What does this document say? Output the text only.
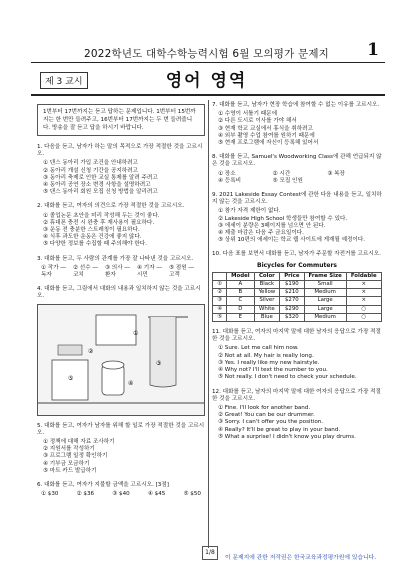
2022학년도 대학수학능력시험 6월 모의평가 문제지	1
제 3 교시	영어 영역
1번부터 17번까지는 듣고 답하는 문제입니다. 1번부터 15번까지는 한 번만 들려주고, 16번부터 17번까지는 두 번 들려줍니다. 방송을 잘 듣고 답을 하시기 바랍니다.
1. 다음을 듣고, 남자가 하는 말의 목적으로 가장 적절한 것을 고르시오.
① 댄스 동아리 가입 조건을 안내하려고
② 동아리 개설 신청 기간을 공지하려고
③ 동아리 축제로 인한 교실 통제를 알려 주려고
④ 동아리 공연 장소 변경 사항을 설명하려고
⑤ 댄스 동아리 회원 모집 신청 방법을 알리려고
2. 대화를 듣고, 여자의 의견으로 가장 적절한 것을 고르시오.
① 졸업논문 초안을 미리 작성해 두는 것이 좋다.
② 휴대폰 충전 시 완충 후 재사용이 필요하다.
③ 운동 전 충분한 스트레칭이 필요하다.
④ 식후 과도한 운동은 건강에 좋지 않다.
⑤ 다양한 정보를 수집할 때 주의해야 한다.
3. 대화를 듣고, 두 사람의 관계를 가장 잘 나타낸 것을 고르시오.
① 작가 ― 독자
② 선수 ― 코치
③ 의사 ― 환자
④ 기자 ― 시민
⑤ 점원 ― 고객
4. 대화를 듣고, 그림에서 대화의 내용과 일치하지 않는 것을 고르시오.
①
②
③
④
⑤
5. 대화를 듣고, 여자가 남자를 위해 할 일로 가장 적절한 것을 고르시오.
① 정책에 대해 자료 조사하기
② 지원서를 작성하기
③ 프로그램 일정 확인하기
④ 기부금 모금하기
⑤ 마트 카드 발급하기
6. 대화를 듣고, 여자가 지불할 금액을 고르시오. [3점]
① $30	② $36	③ $40	④ $45	⑤ $50
7. 대화를 듣고, 남자가 현장 학습에 참여할 수 없는 이유를 고르시오.
① 수영이 서툴기 때문에
② 다른 도시로 이사를 가야 해서
③ 현재 학교 교실에서 휴식을 취하려고
④ 외부 촬영 수업 참여를 원하기 때문에
⑤ 현재 프로그램에 자신이 등록해 있어서
8. 대화를 듣고, Samuel's Woodworking Class에 관해 언급되지 않은 것을 고르시오.
① 장소	② 시간	③ 복장
④ 등록비	⑤ 모집 인원
9. 2021 Lakeside Essay Contest에 관한 다음 내용을 듣고, 일치하지 않는 것을 고르시오.
① 참가 자격 제한이 없다.
② Lakeside High School 학생들만 참여할 수 있다.
③ 에세이 분량은 3페이지를 넘으면 안 된다.
④ 제출 마감은 다음 주 금요일이다.
⑤ 상위 10편의 에세이는 학교 웹 사이트에 게재될 예정이다.
10. 다음 표를 보면서 대화를 듣고, 남자가 주문할 자전거를 고르시오.
Bicycles for Commuters
	Model	Color	Price	Frame Size	Foldable
①	A	Black	$190	Small	×
②	B	Yellow	$210	Medium	×
③	C	Silver	$270	Large	×
④	D	White	$290	Large	○
⑤	E	Blue	$320	Medium	○
11. 대화를 듣고, 여자의 마지막 말에 대한 남자의 응답으로 가장 적절한 것을 고르시오.
① Sure. Let me call him now.
② Not at all. My hair is really long.
③ Yes. I really like my new hairstyle.
④ Why not? I'll text the number to you.
⑤ Not really. I don't need to check your schedule.
12. 대화를 듣고, 남자의 마지막 말에 대한 여자의 응답으로 가장 적절한 것을 고르시오.
① Fine. I'll look for another band.
② Great! You can be our drummer.
③ Sorry. I can't offer you the position.
④ Really? It'll be great to play in your band.
⑤ What a surprise! I didn't know you play drums.
1/8
이 문제지에 관한 저작권은 한국교육과정평가원에 있습니다.
